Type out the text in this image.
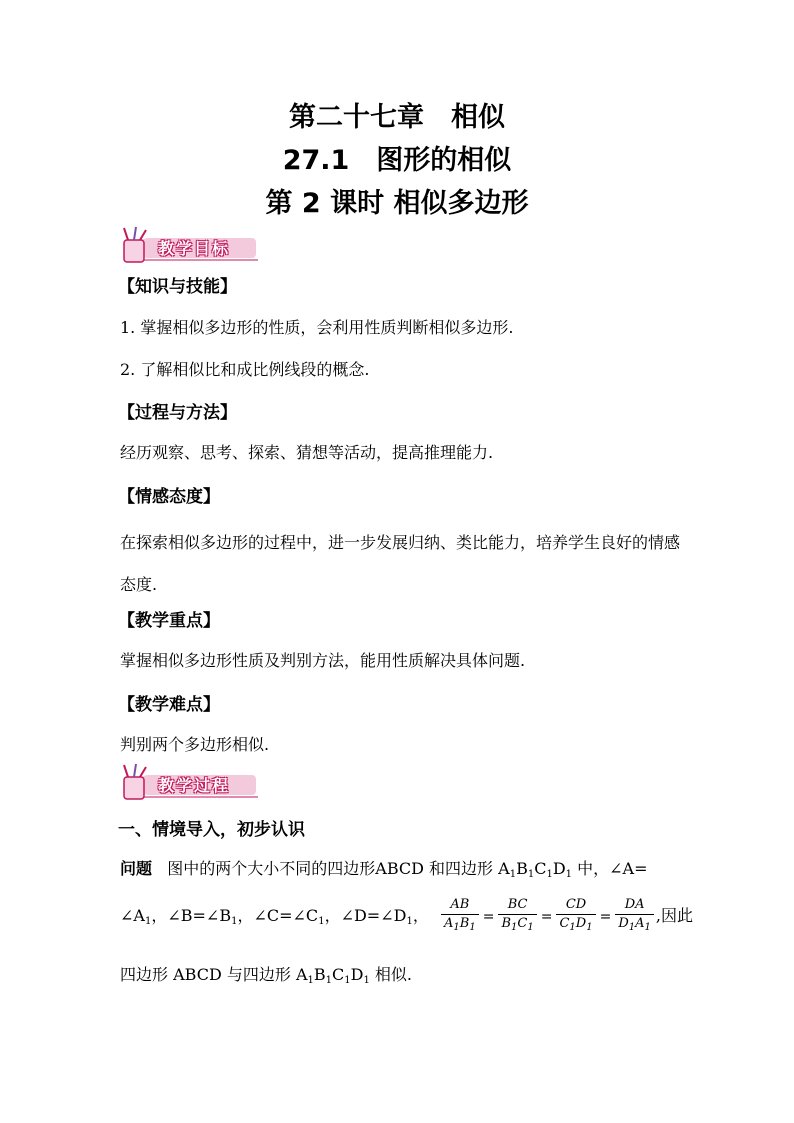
第二十七章　相似
27.1　图形的相似
第 2 课时 相似多边形
教学目标
【知识与技能】
1. 掌握相似多边形的性质，会利用性质判断相似多边形.
2. 了解相似比和成比例线段的概念.
【过程与方法】
经历观察、思考、探索、猜想等活动，提高推理能力.
【情感态度】
在探索相似多边形的过程中，进一步发展归纳、类比能力，培养学生良好的情感态度.
【教学重点】
掌握相似多边形性质及判别方法，能用性质解决具体问题.
【教学难点】
判别两个多边形相似.
教学过程
一、情境导入，初步认识
问题 图中的两个大小不同的四边形ABCD 和四边形 $A_1B_1C_1D_1$ 中，∠A=
$\angle A_1$，$\angle B=\angle B_1$，$\angle C=\angle C_1$，$\angle D=\angle D_1$， $\frac{AB}{A_1B_1} = \frac{BC}{B_1C_1} = \frac{CD}{C_1D_1} = \frac{DA}{D_1A_1}$ ,因此
四边形 ABCD 与四边形 $A_1B_1C_1D_1$ 相似.
